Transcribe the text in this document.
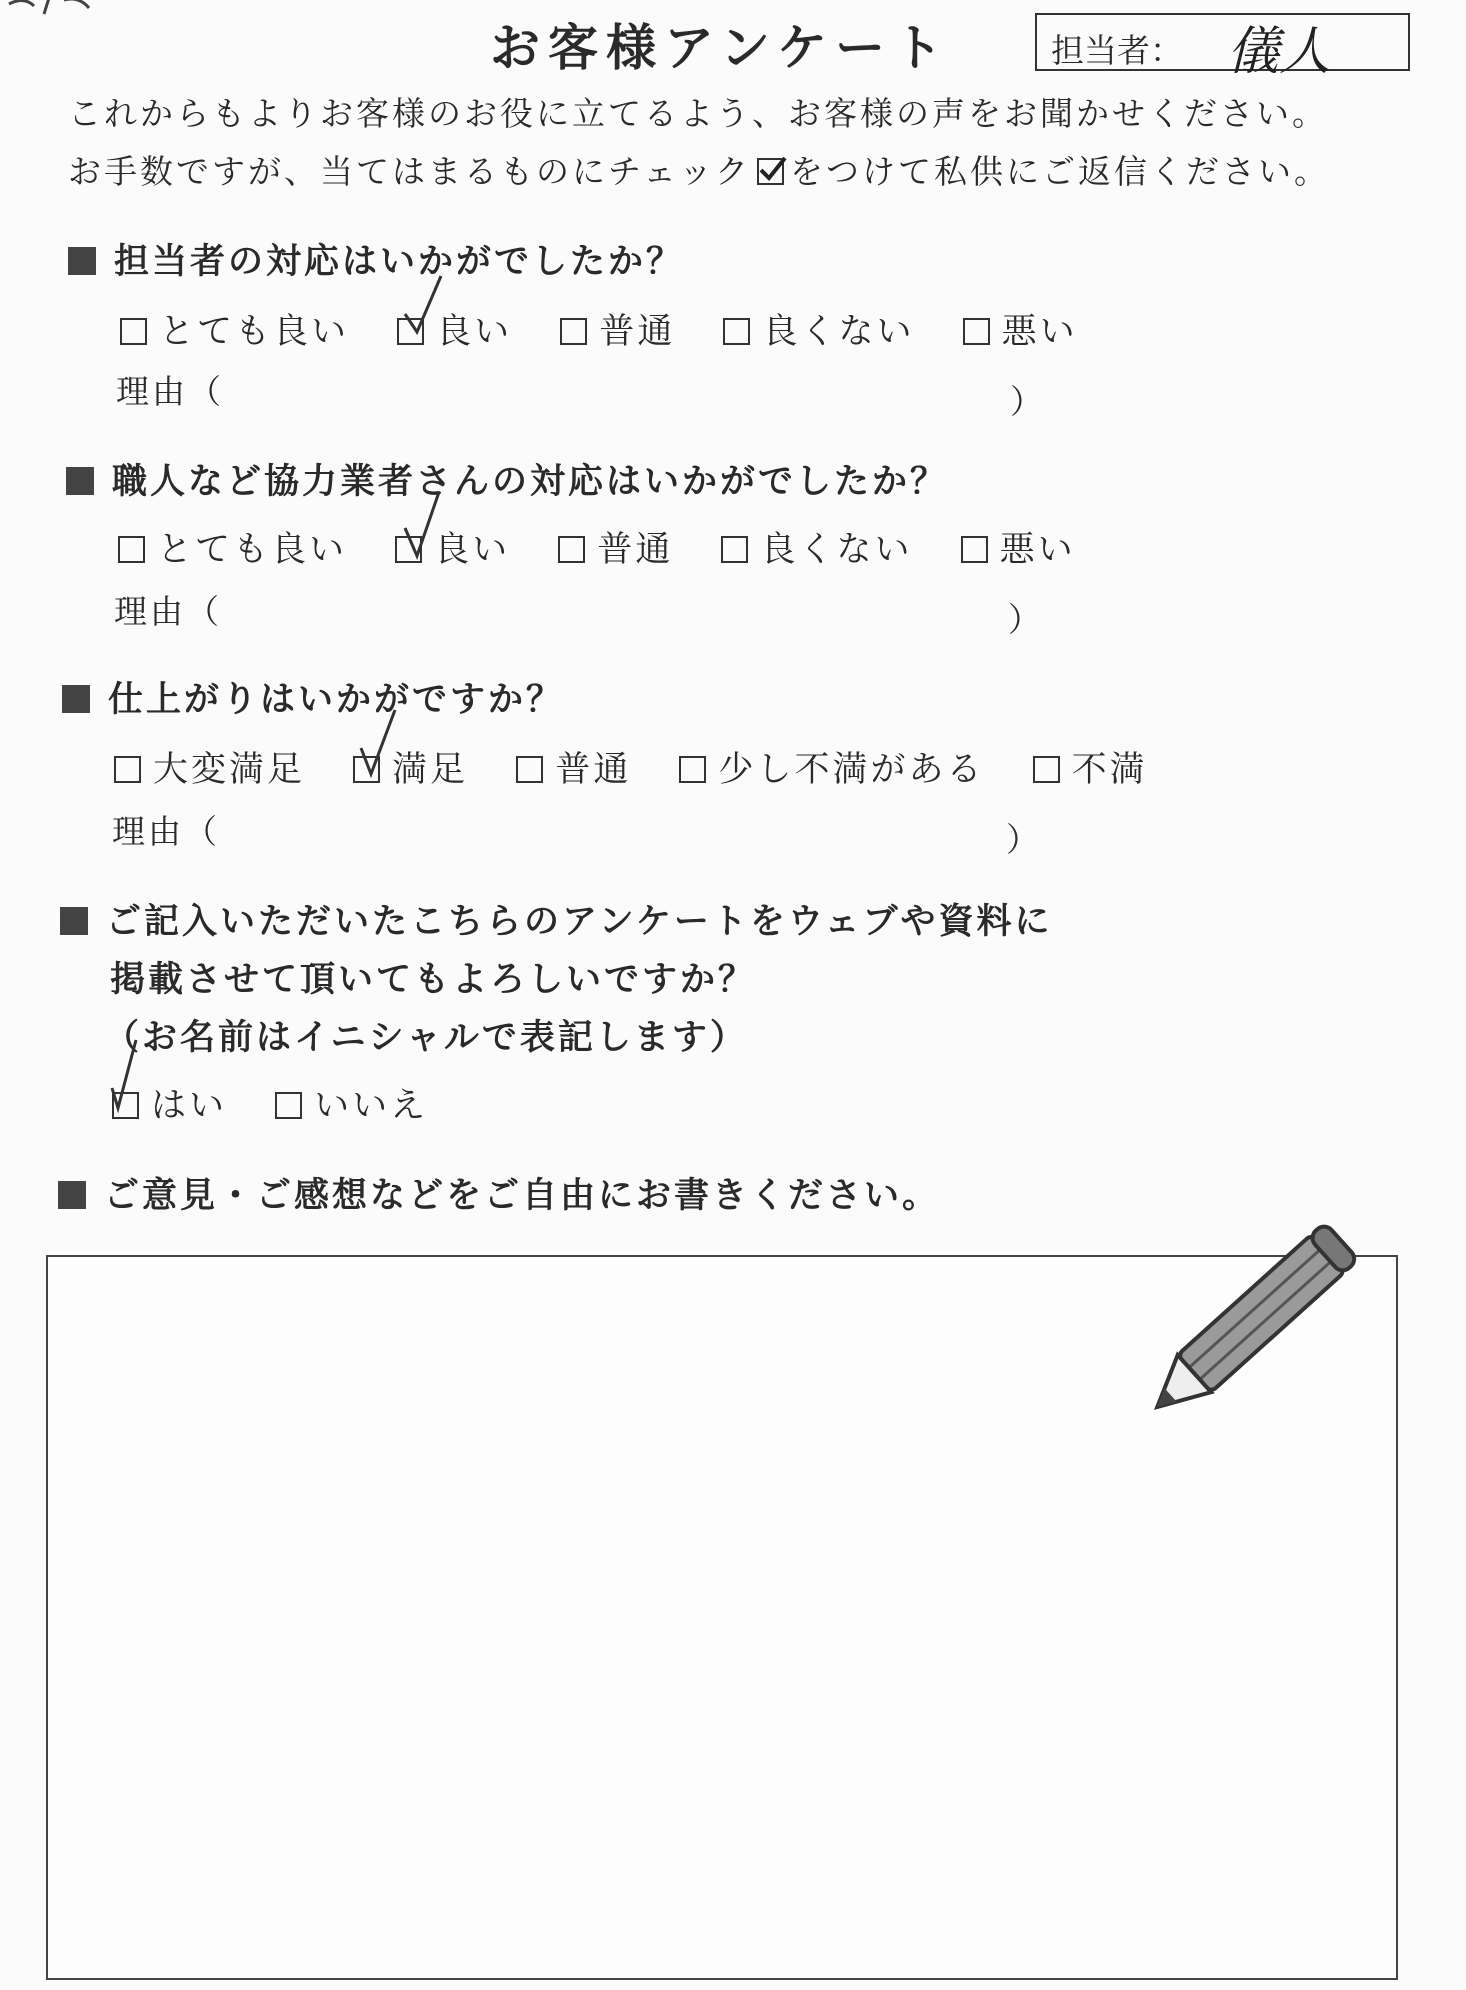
お客様アンケート	担当者： 儀人
これからもよりお客様のお役に立てるよう、お客様の声をお聞かせください。
お手数ですが、当てはまるものにチェック をつけて私供にご返信ください。
担当者の対応はいかがでしたか？
とても良い 良い 普通 良くない 悪い
理由（	）
職人など協力業者さんの対応はいかがでしたか？
とても良い 良い 普通 良くない 悪い
理由（	）
仕上がりはいかがですか？
大変満足 満足 普通 少し不満がある 不満
理由（	）
ご記入いただいたこちらのアンケートをウェブや資料に
掲載させて頂いてもよろしいですか？
（お名前はイニシャルで表記します）
はい いいえ
ご意見・ご感想などをご自由にお書きください。
